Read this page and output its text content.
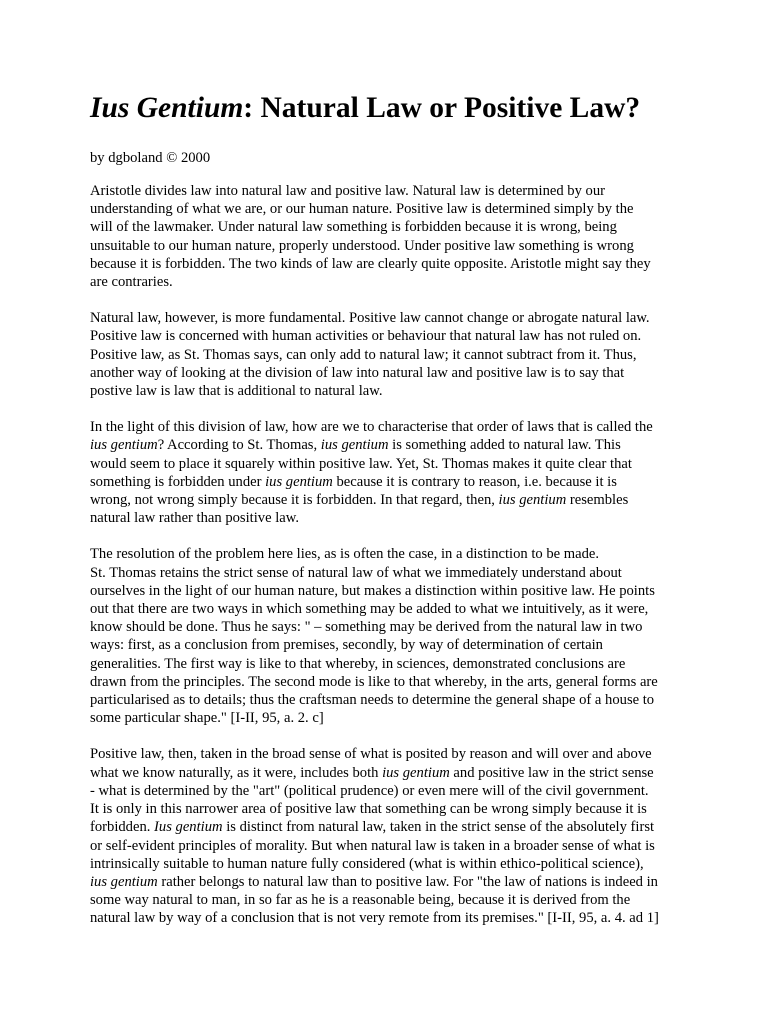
Ius Gentium: Natural Law or Positive Law?

by dgboland © 2000

Aristotle divides law into natural law and positive law. Natural law is determined by our
understanding of what we are, or our human nature. Positive law is determined simply by the
will of the lawmaker. Under natural law something is forbidden because it is wrong, being
unsuitable to our human nature, properly understood. Under positive law something is wrong
because it is forbidden. The two kinds of law are clearly quite opposite. Aristotle might say they
are contraries.

Natural law, however, is more fundamental. Positive law cannot change or abrogate natural law.
Positive law is concerned with human activities or behaviour that natural law has not ruled on.
Positive law, as St. Thomas says, can only add to natural law; it cannot subtract from it. Thus,
another way of looking at the division of law into natural law and positive law is to say that
postive law is law that is additional to natural law.

In the light of this division of law, how are we to characterise that order of laws that is called the
ius gentium? According to St. Thomas, ius gentium is something added to natural law. This
would seem to place it squarely within positive law. Yet, St. Thomas makes it quite clear that
something is forbidden under ius gentium because it is contrary to reason, i.e. because it is
wrong, not wrong simply because it is forbidden. In that regard, then, ius gentium resembles
natural law rather than positive law.

The resolution of the problem here lies, as is often the case, in a distinction to be made.
St. Thomas retains the strict sense of natural law of what we immediately understand about
ourselves in the light of our human nature, but makes a distinction within positive law. He points
out that there are two ways in which something may be added to what we intuitively, as it were,
know should be done. Thus he says: " – something may be derived from the natural law in two
ways: first, as a conclusion from premises, secondly, by way of determination of certain
generalities. The first way is like to that whereby, in sciences, demonstrated conclusions are
drawn from the principles. The second mode is like to that whereby, in the arts, general forms are
particularised as to details; thus the craftsman needs to determine the general shape of a house to
some particular shape." [I-II, 95, a. 2. c]

Positive law, then, taken in the broad sense of what is posited by reason and will over and above
what we know naturally, as it were, includes both ius gentium and positive law in the strict sense
- what is determined by the "art" (political prudence) or even mere will of the civil government.
It is only in this narrower area of positive law that something can be wrong simply because it is
forbidden. Ius gentium is distinct from natural law, taken in the strict sense of the absolutely first
or self-evident principles of morality. But when natural law is taken in a broader sense of what is
intrinsically suitable to human nature fully considered (what is within ethico-political science),
ius gentium rather belongs to natural law than to positive law. For "the law of nations is indeed in
some way natural to man, in so far as he is a reasonable being, because it is derived from the
natural law by way of a conclusion that is not very remote from its premises." [I-II, 95, a. 4. ad 1]
